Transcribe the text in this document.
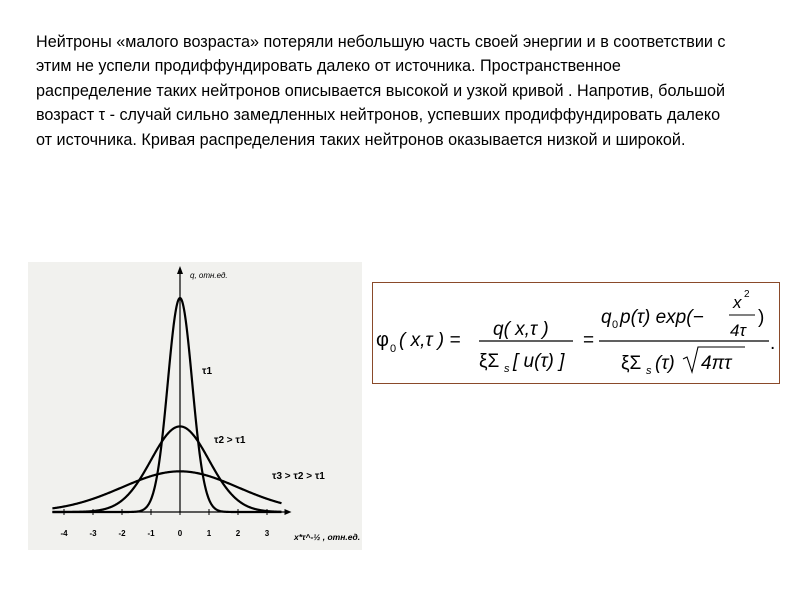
Нейтроны «малого возраста» потеряли небольшую часть своей энергии и в соответствии с этим не успели продиффундировать далеко от источника. Пространственное распределение таких нейтронов описывается высокой и узкой кривой . Напротив, большой возраст τ - случай сильно замедленных нейтронов, успевших продиффундировать далеко от источника. Кривая распределения таких нейтронов оказывается низкой и широкой.

-4	-3	-2	-1	0	1	2	3
q, отн.ед.
x*τ^-½ , отн.ед.
τ1
τ2 > τ1
τ3 > τ2 > τ1
φ 0 ( x,τ ) =
q( x,τ )
ξΣ s [ u(τ) ]
=
q 0 p(τ) exp(−
x 2
4τ
)
ξΣ s (τ) 4πτ
.
